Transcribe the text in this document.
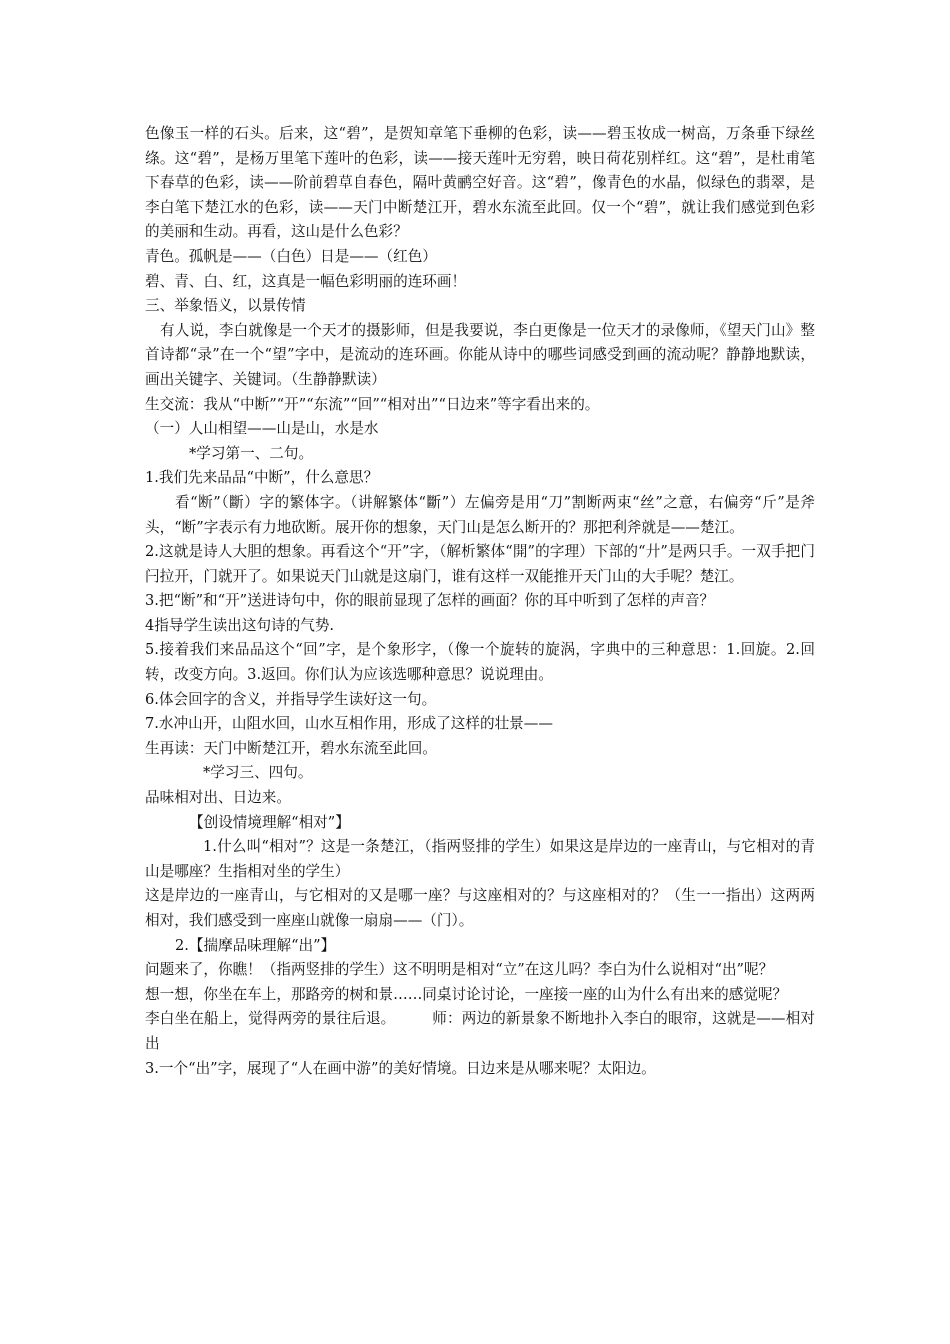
色像玉一样的石头。后来，这“碧”，是贺知章笔下垂柳的色彩，读——碧玉妆成一树高，万条垂下绿丝绦。这“碧”，是杨万里笔下莲叶的色彩，读——接天莲叶无穷碧，映日荷花别样红。这“碧”，是杜甫笔下春草的色彩，读——阶前碧草自春色，隔叶黄鹂空好音。这“碧”，像青色的水晶，似绿色的翡翠，是李白笔下楚江水的色彩，读——天门中断楚江开，碧水东流至此回。仅一个“碧”，就让我们感觉到色彩的美丽和生动。再看，这山是什么色彩？

青色。孤帆是——（白色）日是——（红色）

碧、青、白、红，这真是一幅色彩明丽的连环画！

三、举象悟义，以景传情

有人说，李白就像是一个天才的摄影师，但是我要说，李白更像是一位天才的录像师，《望天门山》整首诗都“录”在一个“望”字中，是流动的连环画。你能从诗中的哪些词感受到画的流动呢？静静地默读，画出关键字、关键词。（生静静默读）

生交流：我从“中断”“开”“东流”“回”“相对出”“日边来”等字看出来的。

（一）人山相望——山是山，水是水

*学习第一、二句。

1.我们先来品品“中断”，什么意思？

看“断”（斷）字的繁体字。（讲解繁体“斷”）左偏旁是用“刀”割断两束“丝”之意，右偏旁“斤”是斧头，“断”字表示有力地砍断。展开你的想象，天门山是怎么断开的？那把利斧就是——楚江。

2.这就是诗人大胆的想象。再看这个“开”字，（解析繁体“開”的字理）下部的“廾”是两只手。一双手把门闩拉开，门就开了。如果说天门山就是这扇门，谁有这样一双能推开天门山的大手呢？楚江。

3.把“断”和“开”送进诗句中，你的眼前显现了怎样的画面？你的耳中听到了怎样的声音？

4指导学生读出这句诗的气势.

5.接着我们来品品这个“回”字，是个象形字，（像一个旋转的旋涡，字典中的三种意思：1.回旋。2.回转，改变方向。3.返回。你们认为应该选哪种意思？说说理由。

6.体会回字的含义，并指导学生读好这一句。

7.水冲山开，山阻水回，山水互相作用，形成了这样的壮景——

生再读：天门中断楚江开，碧水东流至此回。

*学习三、四句。

品味相对出、日边来。

【创设情境理解“相对”】

1.什么叫“相对”？这是一条楚江，（指两竖排的学生）如果这是岸边的一座青山，与它相对的青山是哪座？生指相对坐的学生）

这是岸边的一座青山，与它相对的又是哪一座？与这座相对的？与这座相对的？（生一一指出）这两两相对，我们感受到一座座山就像一扇扇——（门）。

2.【揣摩品味理解“出”】

问题来了，你瞧！（指两竖排的学生）这不明明是相对“立”在这儿吗？李白为什么说相对“出”呢？

想一想，你坐在车上，那路旁的树和景……同桌讨论讨论，一座接一座的山为什么有出来的感觉呢？

李白坐在船上，觉得两旁的景往后退。　　　师：两边的新景象不断地扑入李白的眼帘，这就是——相对出

3.一个“出”字，展现了“人在画中游”的美好情境。日边来是从哪来呢？太阳边。
